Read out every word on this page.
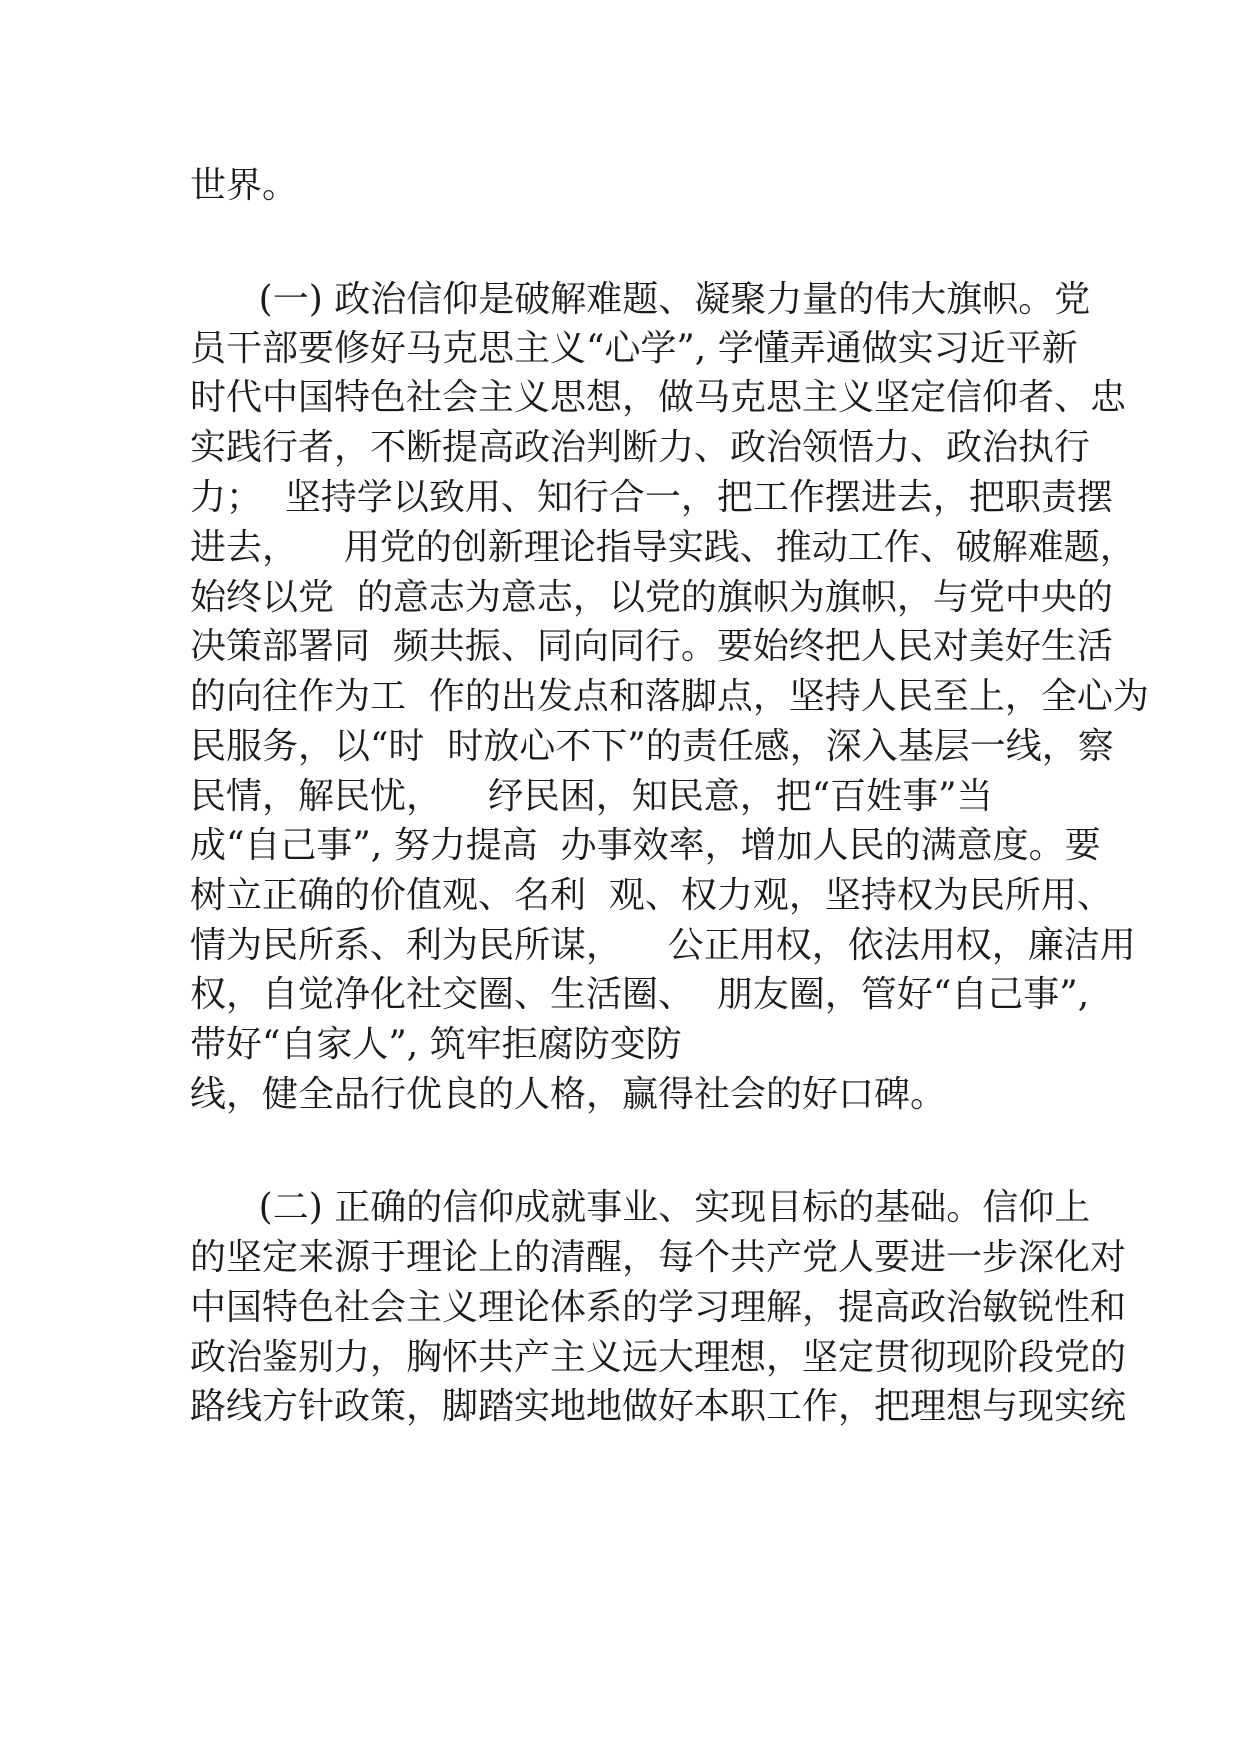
世界。
(一) 政治信仰是破解难题、凝聚力量的伟大旗帜。党
员干部要修好马克思主义“心学”, 学懂弄通做实习近平新
时代中国特色社会主义思想，做马克思主义坚定信仰者、忠
实践行者，不断提高政治判断力、政治领悟力、政治执行
力；  坚持学以致用、知行合一，把工作摆进去，把职责摆
进去，    用党的创新理论指导实践、推动工作、破解难题，
始终以党  的意志为意志，以党的旗帜为旗帜，与党中央的
决策部署同  频共振、同向同行。要始终把人民对美好生活
的向往作为工  作的出发点和落脚点，坚持人民至上，全心为
民服务，以“时  时放心不下”的责任感，深入基层一线，察
民情，解民忧，    纾民困，知民意，把“百姓事”当
成“自己事”, 努力提高  办事效率，增加人民的满意度。要
树立正确的价值观、名利  观、权力观，坚持权为民所用、
情为民所系、利为民所谋，    公正用权，依法用权，廉洁用
权，自觉净化社交圈、生活圈、  朋友圈，管好“自己事”,
带好“自家人”, 筑牢拒腐防变防
线，健全品行优良的人格，赢得社会的好口碑。
(二) 正确的信仰成就事业、实现目标的基础。信仰上
的坚定来源于理论上的清醒，每个共产党人要进一步深化对
中国特色社会主义理论体系的学习理解，提高政治敏锐性和
政治鉴别力，胸怀共产主义远大理想，坚定贯彻现阶段党的
路线方针政策，脚踏实地地做好本职工作，把理想与现实统
